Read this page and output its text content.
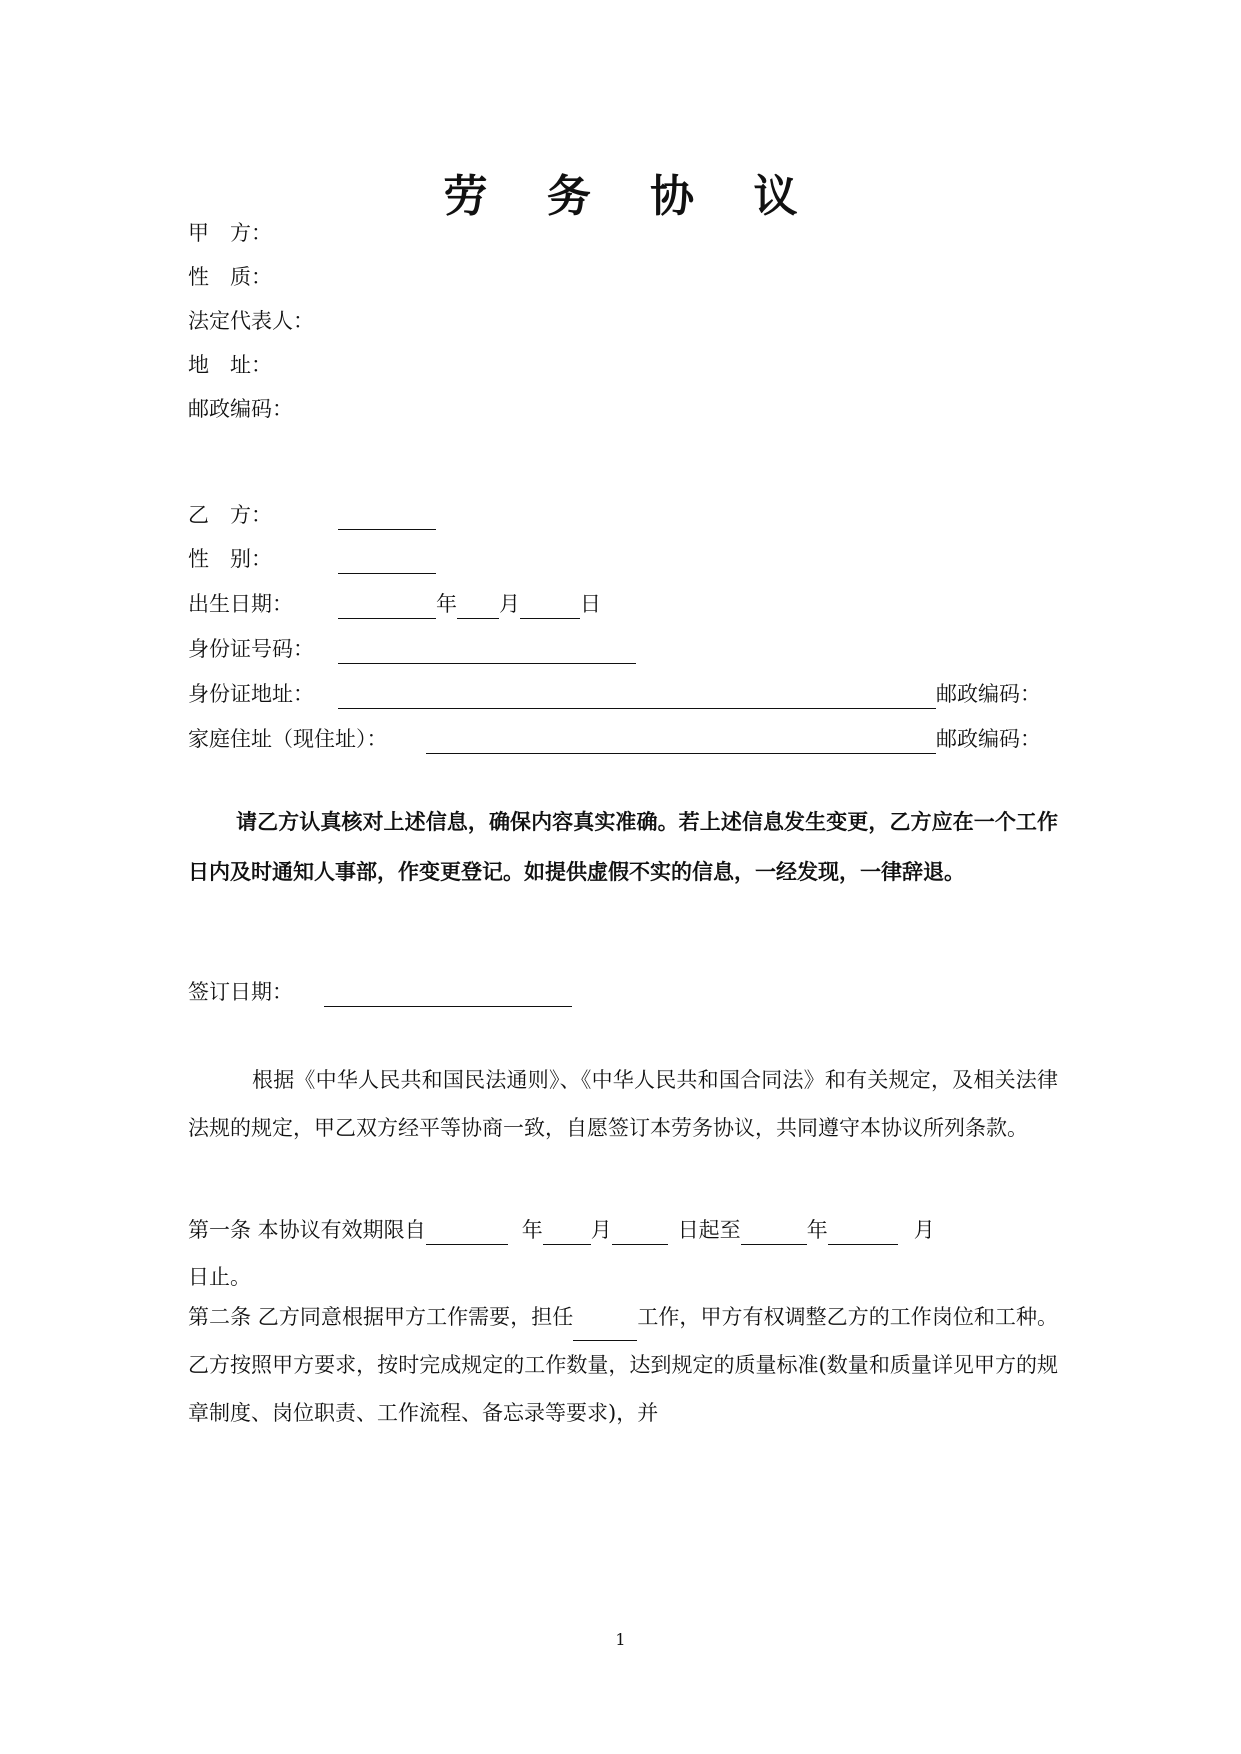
劳 务 协 议
甲　方：
性　质：
法定代表人：
地　址：
邮政编码：
乙　方：
性　别：
出生日期：	年 月	日
身份证号码：
身份证地址：	邮政编码：
家庭住址（现住址）：	邮政编码：
请乙方认真核对上述信息，确保内容真实准确。若上述信息发生变更，乙方应在一个工作日内及时通知人事部，作变更登记。如提供虚假不实的信息，一经发现，一律辞退。
签订日期：
根据《中华人民共和国民法通则》、《中华人民共和国合同法》和有关规定，及相关法律法规的规定，甲乙双方经平等协商一致，自愿签订本劳务协议，共同遵守本协议所列条款。
第一条 本协议有效期限自	年 月	日起至	年	月
日止。
第二条 乙方同意根据甲方工作需要，担任	工作，甲方有权调整乙方的工作岗位和工种。乙方按照甲方要求，按时完成规定的工作数量，达到规定的质量标准(数量和质量详见甲方的规章制度、岗位职责、工作流程、备忘录等要求)，并
1
